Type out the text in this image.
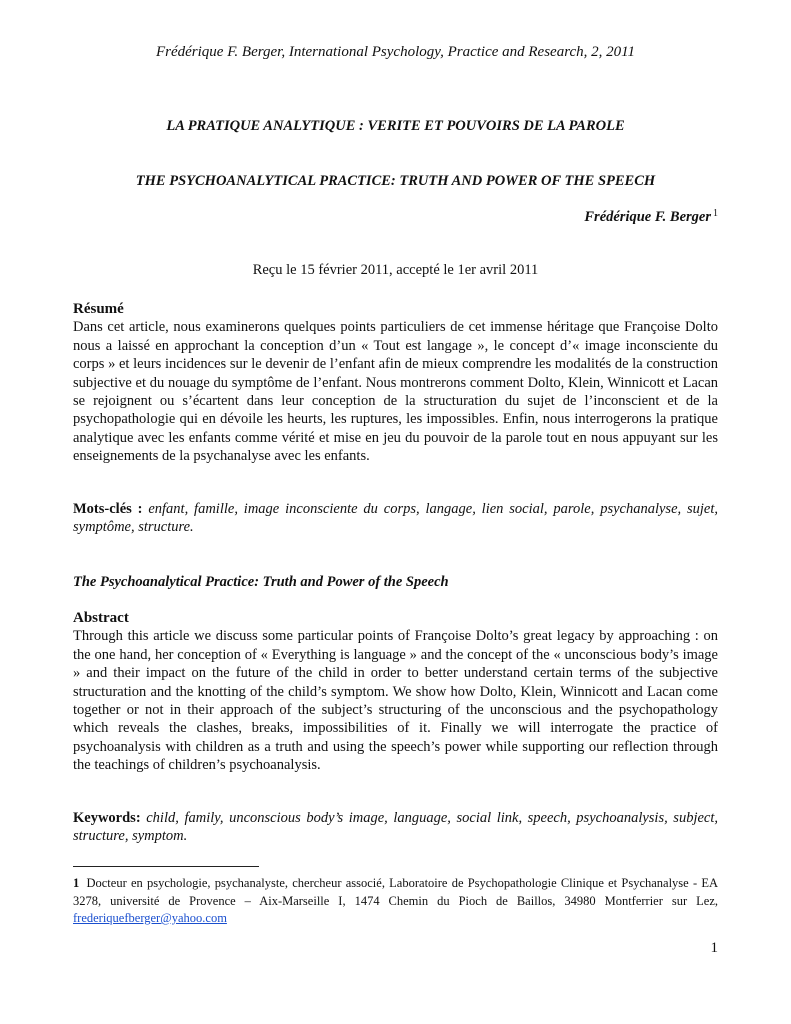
Frédérique F. Berger, International Psychology, Practice and Research, 2, 2011
LA PRATIQUE ANALYTIQUE : VERITE ET POUVOIRS DE LA PAROLE
THE PSYCHOANALYTICAL PRACTICE: TRUTH AND POWER OF THE SPEECH
Frédérique F. Berger $^1$
Reçu le 15 février 2011, accepté le 1er avril 2011
Résumé
Dans cet article, nous examinerons quelques points particuliers de cet immense héritage que Françoise Dolto nous a laissé en approchant la conception d’un « Tout est langage », le concept d’« image inconsciente du corps » et leurs incidences sur le devenir de l’enfant afin de mieux comprendre les modalités de la construction subjective et du nouage du symptôme de l’enfant. Nous montrerons comment Dolto, Klein, Winnicott et Lacan se rejoignent ou s’écartent dans leur conception de la structuration du sujet de l’inconscient et de la psychopathologie qui en dévoile les heurts, les ruptures, les impossibles. Enfin, nous interrogerons la pratique analytique avec les enfants comme vérité et mise en jeu du pouvoir de la parole tout en nous appuyant sur les enseignements de la psychanalyse avec les enfants.
Mots-clés : enfant, famille, image inconsciente du corps, langage, lien social, parole, psychanalyse, sujet, symptôme, structure.
The Psychoanalytical Practice: Truth and Power of the Speech
Abstract
Through this article we discuss some particular points of Françoise Dolto’s great legacy by approaching : on the one hand, her conception of « Everything is language » and the concept of the « unconscious body’s image » and their impact on the future of the child in order to better understand certain terms of the subjective structuration and the knotting of the child’s symptom. We show how Dolto, Klein, Winnicott and Lacan come together or not in their approach of the subject’s structuring of the unconscious and the psychopathology which reveals the clashes, breaks, impossibilities of it. Finally we will interrogate the practice of psychoanalysis with children as a truth and using the speech’s power while supporting our reflection through the teachings of children’s psychoanalysis.
Keywords: child, family, unconscious body’s image, language, social link, speech, psychoanalysis, subject, structure, symptom.
1 Docteur en psychologie, psychanalyste, chercheur associé, Laboratoire de Psychopathologie Clinique et Psychanalyse - EA 3278, université de Provence – Aix-Marseille I, 1474 Chemin du Pioch de Baillos, 34980 Montferrier sur Lez, frederiquefberger@yahoo.com
1
